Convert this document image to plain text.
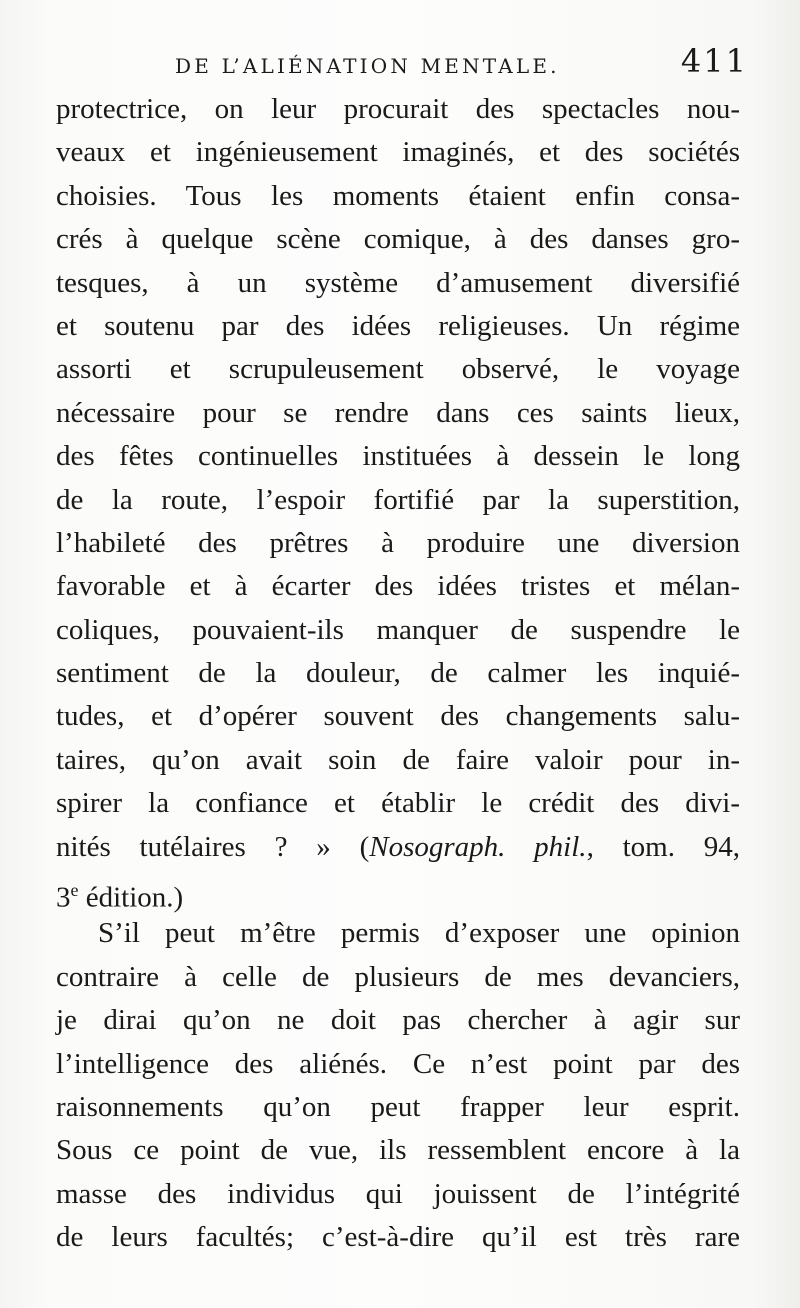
DE L’ALIÉNATION MENTALE.	411
protectrice, on leur procurait des spectacles nou-
veaux et ingénieusement imaginés, et des sociétés
choisies. Tous les moments étaient enfin consa-
crés à quelque scène comique, à des danses gro-
tesques, à un système d’amusement diversifié
et soutenu par des idées religieuses. Un régime
assorti et scrupuleusement observé, le voyage
nécessaire pour se rendre dans ces saints lieux,
des fêtes continuelles instituées à dessein le long
de la route, l’espoir fortifié par la superstition,
l’habileté des prêtres à produire une diversion
favorable et à écarter des idées tristes et mélan-
coliques, pouvaient-ils manquer de suspendre le
sentiment de la douleur, de calmer les inquié-
tudes, et d’opérer souvent des changements salu-
taires, qu’on avait soin de faire valoir pour in-
spirer la confiance et établir le crédit des divi-
nités tutélaires ? » (Nosograph. phil., tom. 94,
3e édition.)
S’il peut m’être permis d’exposer une opinion
contraire à celle de plusieurs de mes devanciers,
je dirai qu’on ne doit pas chercher à agir sur
l’intelligence des aliénés. Ce n’est point par des
raisonnements qu’on peut frapper leur esprit.
Sous ce point de vue, ils ressemblent encore à la
masse des individus qui jouissent de l’intégrité
de leurs facultés; c’est-à-dire qu’il est très rare
